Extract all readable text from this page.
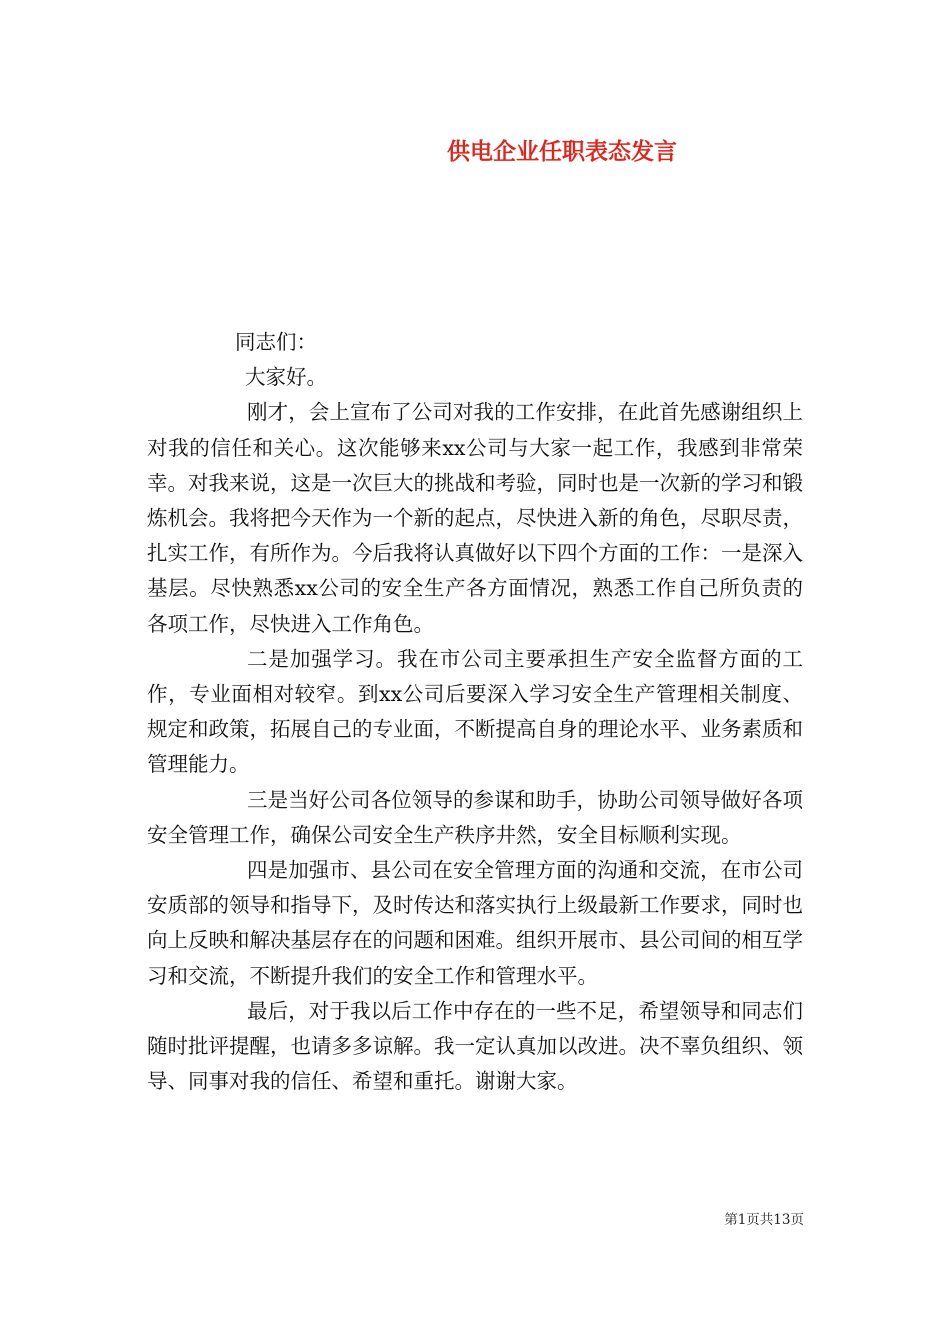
供电企业任职表态发言

同志们：

大家好。

刚才，会上宣布了公司对我的工作安排，在此首先感谢组织上对我的信任和关心。这次能够来xx公司与大家一起工作，我感到非常荣幸。对我来说，这是一次巨大的挑战和考验，同时也是一次新的学习和锻炼机会。我将把今天作为一个新的起点，尽快进入新的角色，尽职尽责，扎实工作，有所作为。今后我将认真做好以下四个方面的工作：一是深入基层。尽快熟悉xx公司的安全生产各方面情况，熟悉工作自己所负责的各项工作，尽快进入工作角色。

二是加强学习。我在市公司主要承担生产安全监督方面的工作，专业面相对较窄。到xx公司后要深入学习安全生产管理相关制度、规定和政策，拓展自己的专业面，不断提高自身的理论水平、业务素质和管理能力。

三是当好公司各位领导的参谋和助手，协助公司领导做好各项安全管理工作，确保公司安全生产秩序井然，安全目标顺利实现。

四是加强市、县公司在安全管理方面的沟通和交流，在市公司安质部的领导和指导下，及时传达和落实执行上级最新工作要求，同时也向上反映和解决基层存在的问题和困难。组织开展市、县公司间的相互学习和交流，不断提升我们的安全工作和管理水平。

最后，对于我以后工作中存在的一些不足，希望领导和同志们随时批评提醒，也请多多谅解。我一定认真加以改进。决不辜负组织、领导、同事对我的信任、希望和重托。谢谢大家。

第1页共13页
